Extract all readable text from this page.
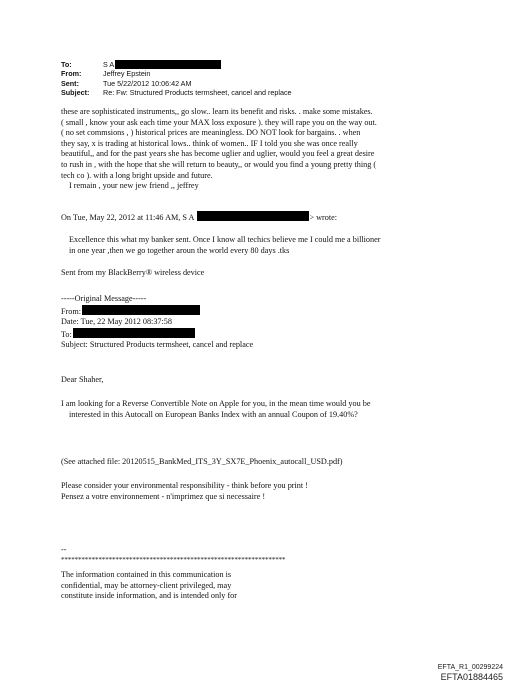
To:	S A
From:	Jeffrey Epstein
Sent:	Tue 5/22/2012 10:06:42 AM
Subject: Re: Fw: Structured Products termsheet, cancel and replace
these are sophisticated instruments,, go slow.. learn its benefit and risks. . make some mistakes.
( small , know your ask each time your MAX loss exposure ). they will rape you on the way out.
( no set commsions , ) historical prices are meaningless. DO NOT look for bargains. . when
they say, x is trading at historical lows.. think of women.. IF I told you she was once really
beautiful,, and for the past years she has become uglier and uglier, would you feel a great desire
to rush in , with the hope that she will return to beauty,, or would you find a young pretty thing (
tech co ). with a long bright upside and future.
I remain , your new jew friend ,, jeffrey
On Tue, May 22, 2012 at 11:46 AM, S A	> wrote:
Excellence this what my banker sent. Once I know all techics believe me I could me a billioner
in one year ,then we go together aroun the world every 80 days .tks
Sent from my BlackBerry® wireless device
-----Original Message-----
From:
Date: Tue, 22 May 2012 08:37:58
To:
Subject: Structured Products termsheet, cancel and replace
Dear Shaher,
I am looking for a Reverse Convertible Note on Apple for you, in the mean time would you be
interested in this Autocall on European Banks Index with an annual Coupon of 19.40%?
(See attached file: 20120515_BankMed_ITS_3Y_SX7E_Phoenix_autocall_USD.pdf)
Please consider your environmental responsibility - think before you print !
Pensez a votre environnement - n'imprimez que si necessaire !
--
******************************************************************
The information contained in this communication is
confidential, may be attorney-client privileged, may
constitute inside information, and is intended only for
EFTA_R1_00299224
EFTA01884465
